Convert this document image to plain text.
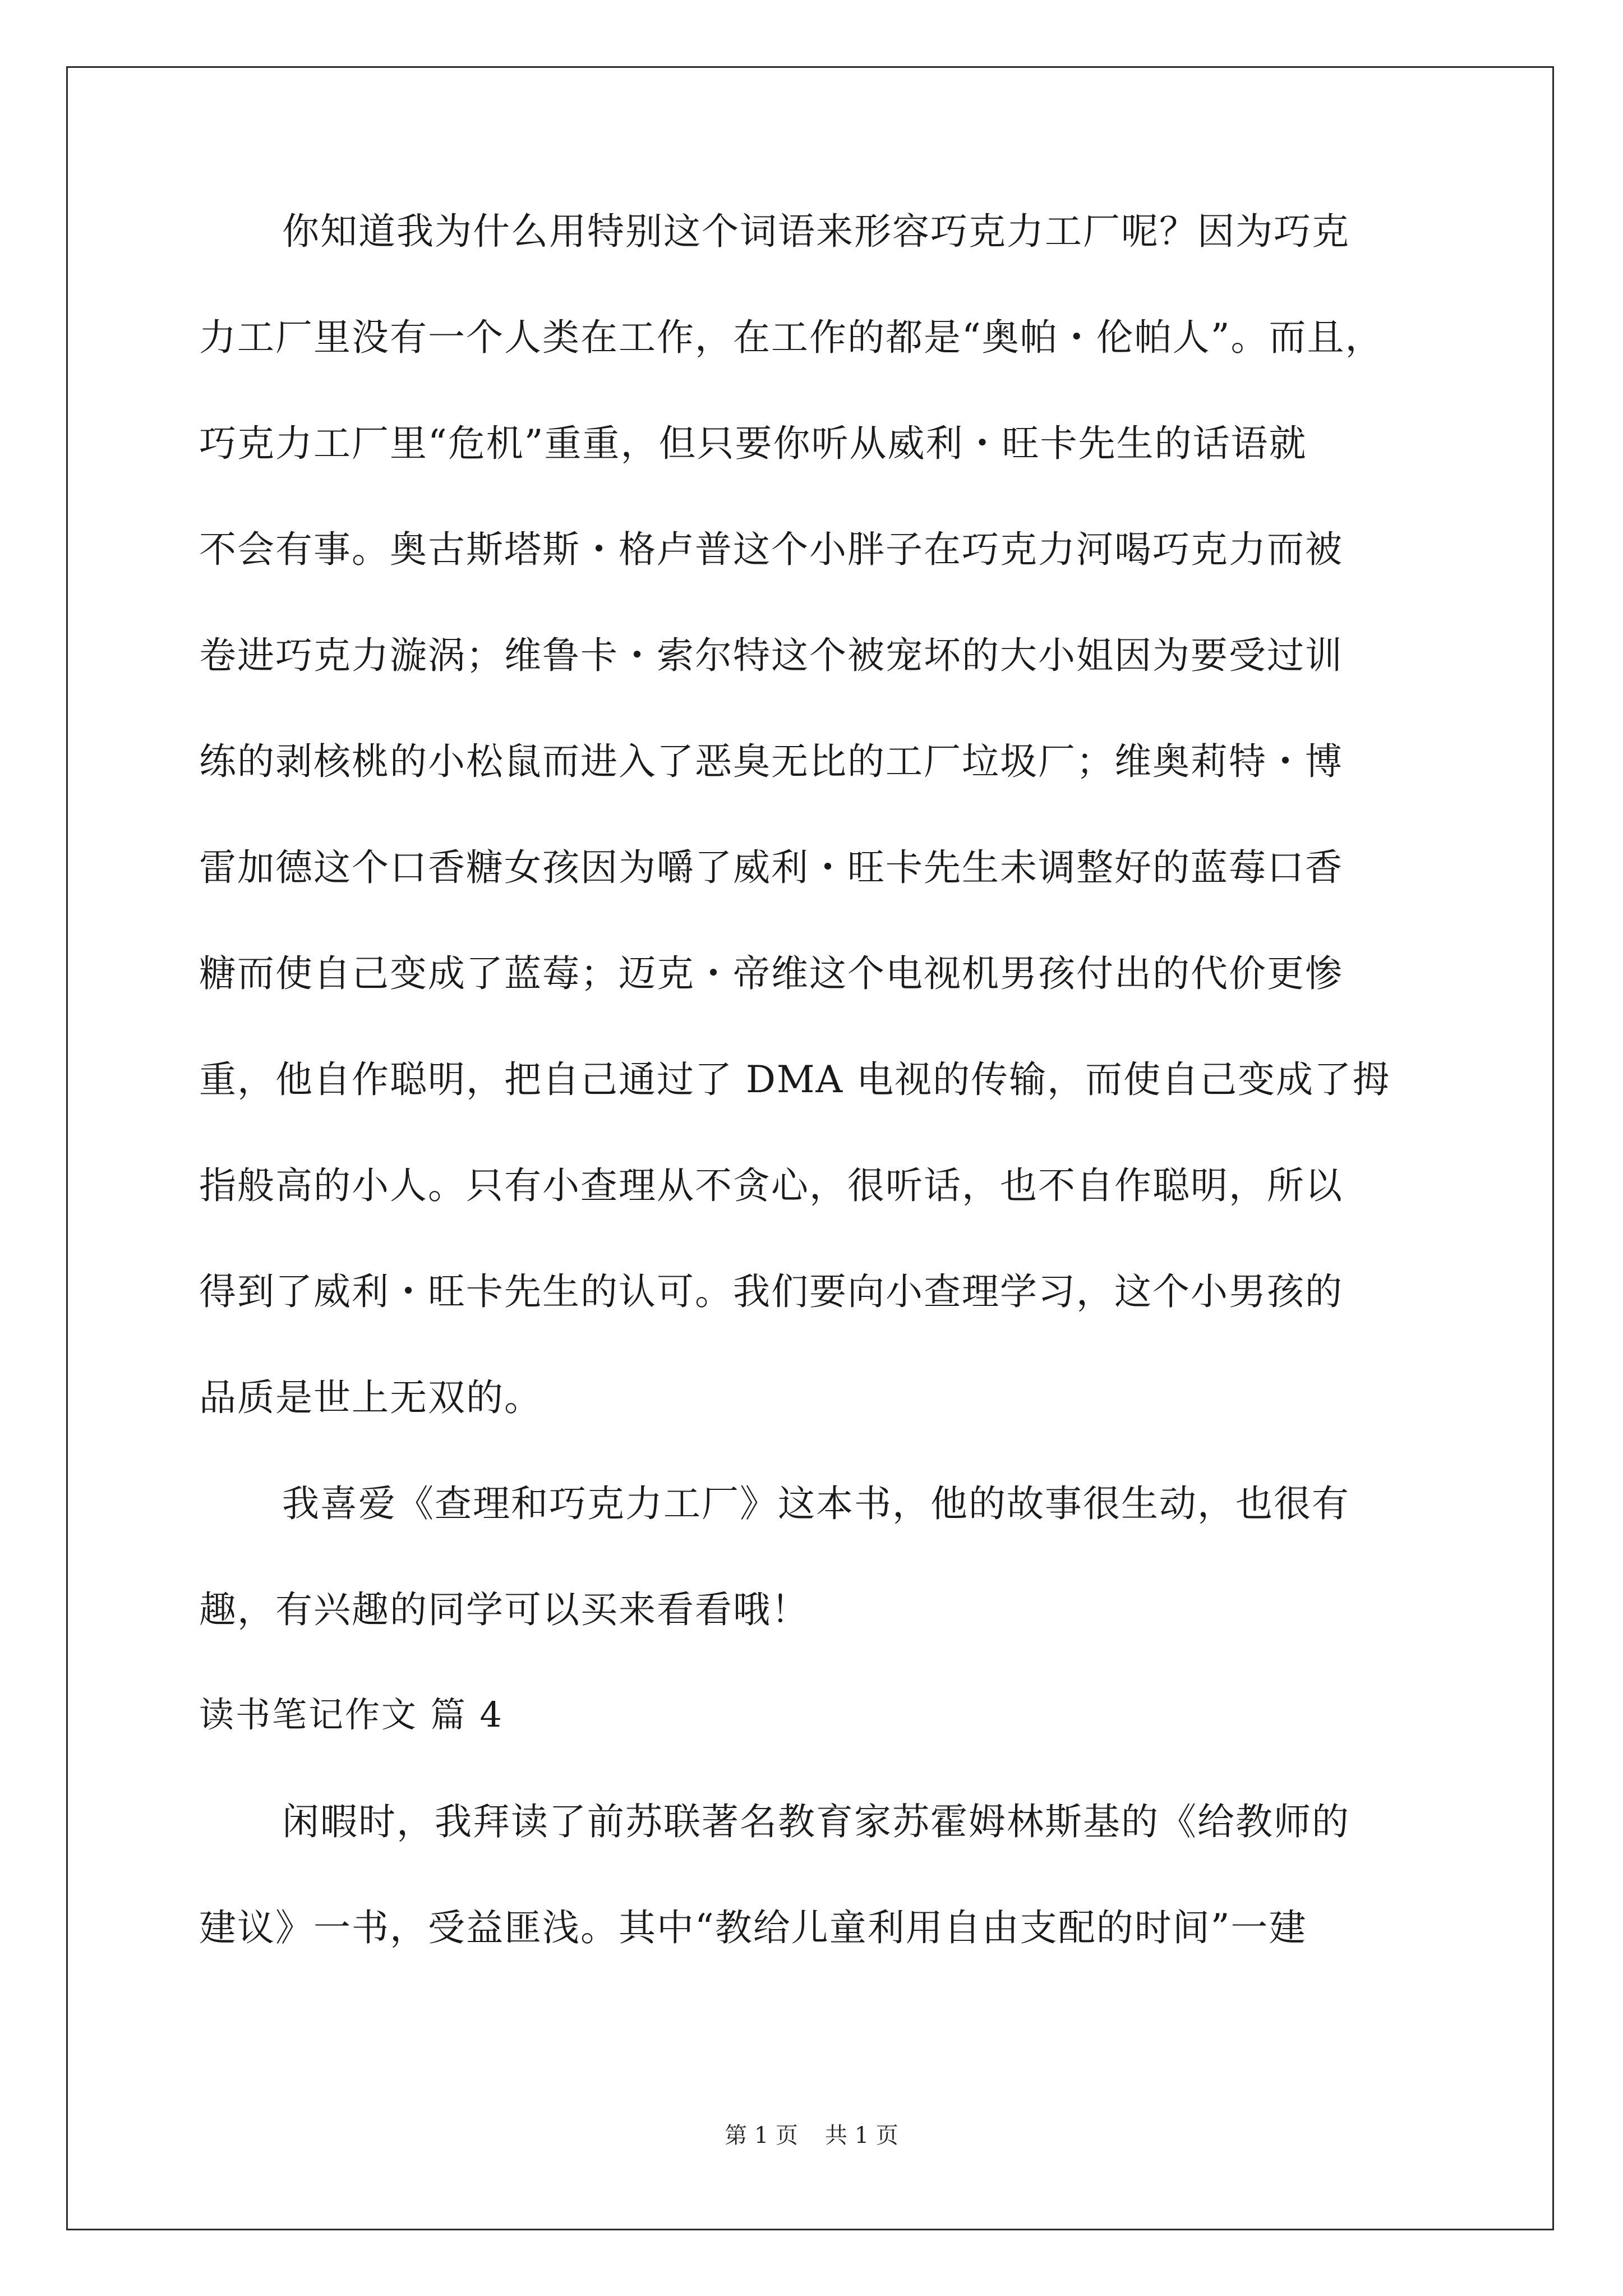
你知道我为什么用特别这个词语来形容巧克力工厂呢？因为巧克
力工厂里没有一个人类在工作，在工作的都是“奥帕・伦帕人”。而且，
巧克力工厂里“危机”重重，但只要你听从威利・旺卡先生的话语就
不会有事。奥古斯塔斯・格卢普这个小胖子在巧克力河喝巧克力而被
卷进巧克力漩涡；维鲁卡・索尔特这个被宠坏的大小姐因为要受过训
练的剥核桃的小松鼠而进入了恶臭无比的工厂垃圾厂；维奥莉特・博
雷加德这个口香糖女孩因为嚼了威利・旺卡先生未调整好的蓝莓口香
糖而使自己变成了蓝莓；迈克・帝维这个电视机男孩付出的代价更惨
重，他自作聪明，把自己通过了 DMA 电视的传输，而使自己变成了拇
指般高的小人。只有小查理从不贪心，很听话，也不自作聪明，所以
得到了威利・旺卡先生的认可。我们要向小查理学习，这个小男孩的
品质是世上无双的。
我喜爱《查理和巧克力工厂》这本书，他的故事很生动，也很有
趣，有兴趣的同学可以买来看看哦！
读书笔记作文 篇 4
闲暇时，我拜读了前苏联著名教育家苏霍姆林斯基的《给教师的
建议》一书，受益匪浅。其中“教给儿童利用自由支配的时间”一建
第 1 页 共 1 页
